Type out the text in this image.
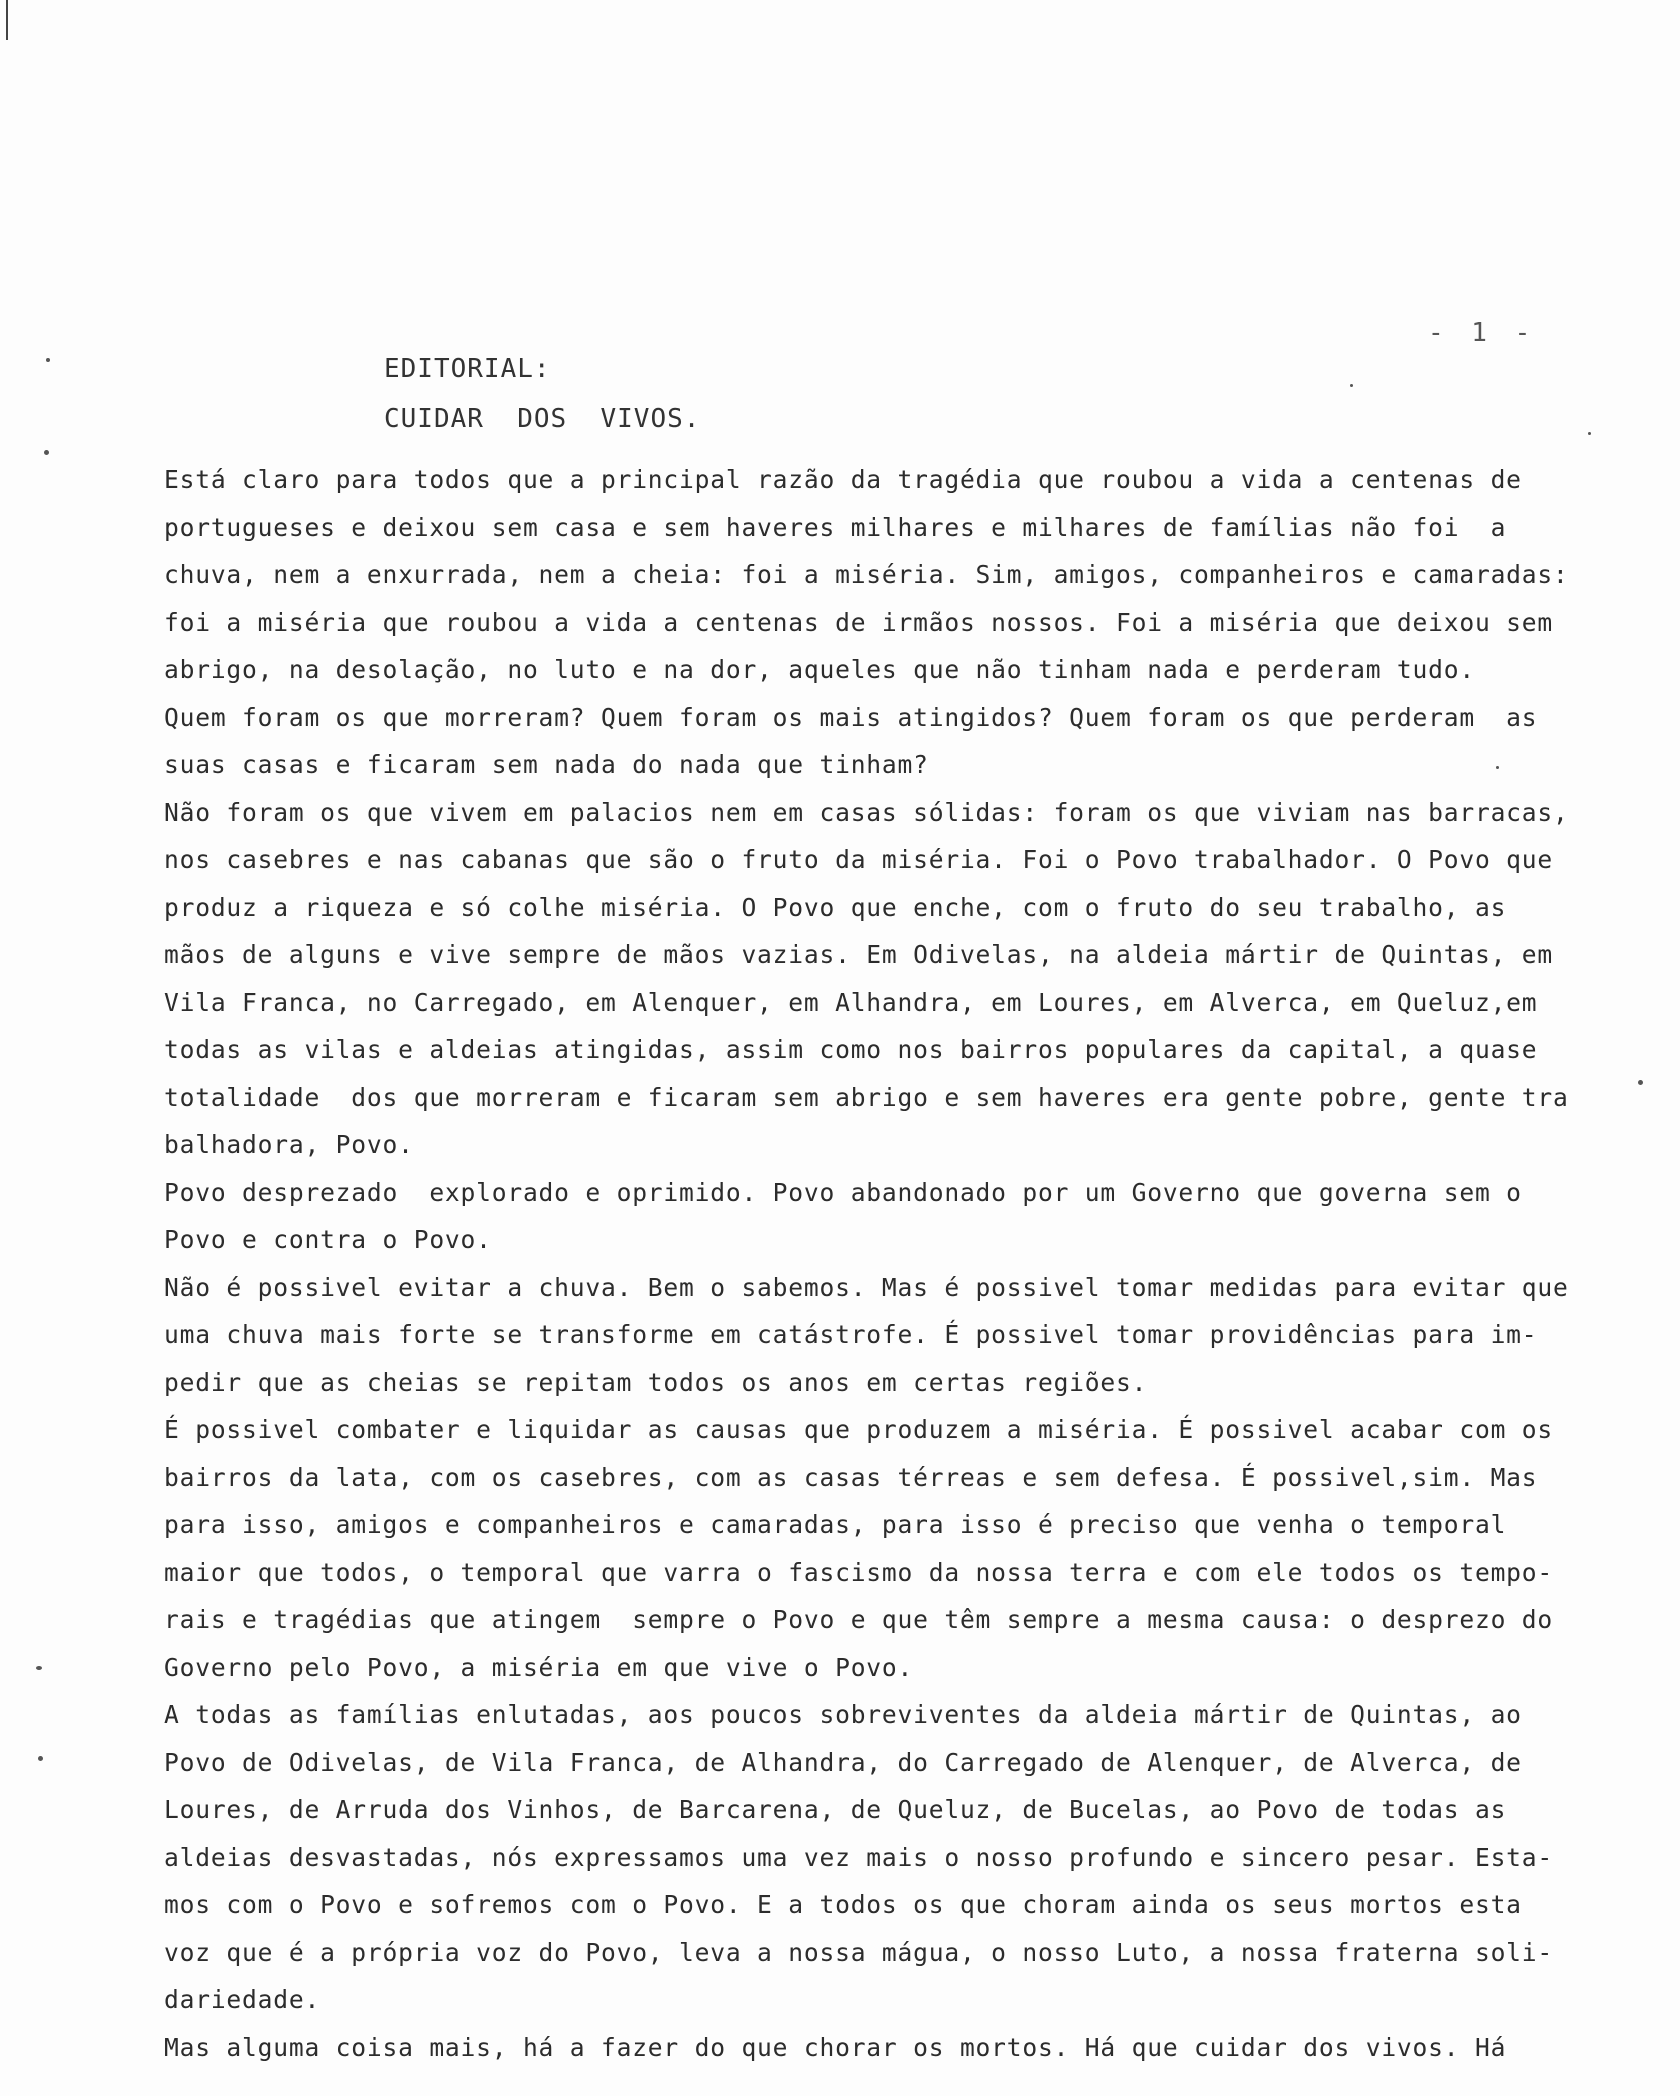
- 1 -
EDITORIAL:
CUIDAR  DOS  VIVOS.
Está claro para todos que a principal razão da tragédia que roubou a vida a centenas de
portugueses e deixou sem casa e sem haveres milhares e milhares de famílias não foi  a
chuva, nem a enxurrada, nem a cheia: foi a miséria. Sim, amigos, companheiros e camaradas:
foi a miséria que roubou a vida a centenas de irmãos nossos. Foi a miséria que deixou sem
abrigo, na desolação, no luto e na dor, aqueles que não tinham nada e perderam tudo.
Quem foram os que morreram? Quem foram os mais atingidos? Quem foram os que perderam  as
suas casas e ficaram sem nada do nada que tinham?
Não foram os que vivem em palacios nem em casas sólidas: foram os que viviam nas barracas,
nos casebres e nas cabanas que são o fruto da miséria. Foi o Povo trabalhador. O Povo que
produz a riqueza e só colhe miséria. O Povo que enche, com o fruto do seu trabalho, as
mãos de alguns e vive sempre de mãos vazias. Em Odivelas, na aldeia mártir de Quintas, em
Vila Franca, no Carregado, em Alenquer, em Alhandra, em Loures, em Alverca, em Queluz,em
todas as vilas e aldeias atingidas, assim como nos bairros populares da capital, a quase
totalidade  dos que morreram e ficaram sem abrigo e sem haveres era gente pobre, gente tra
balhadora, Povo.
Povo desprezado  explorado e oprimido. Povo abandonado por um Governo que governa sem o
Povo e contra o Povo.
Não é possivel evitar a chuva. Bem o sabemos. Mas é possivel tomar medidas para evitar que
uma chuva mais forte se transforme em catástrofe. É possivel tomar providências para im-
pedir que as cheias se repitam todos os anos em certas regiões.
É possivel combater e liquidar as causas que produzem a miséria. É possivel acabar com os
bairros da lata, com os casebres, com as casas térreas e sem defesa. É possivel,sim. Mas
para isso, amigos e companheiros e camaradas, para isso é preciso que venha o temporal
maior que todos, o temporal que varra o fascismo da nossa terra e com ele todos os tempo-
rais e tragédias que atingem  sempre o Povo e que têm sempre a mesma causa: o desprezo do
Governo pelo Povo, a miséria em que vive o Povo.
A todas as famílias enlutadas, aos poucos sobreviventes da aldeia mártir de Quintas, ao
Povo de Odivelas, de Vila Franca, de Alhandra, do Carregado de Alenquer, de Alverca, de
Loures, de Arruda dos Vinhos, de Barcarena, de Queluz, de Bucelas, ao Povo de todas as
aldeias desvastadas, nós expressamos uma vez mais o nosso profundo e sincero pesar. Esta-
mos com o Povo e sofremos com o Povo. E a todos os que choram ainda os seus mortos esta
voz que é a própria voz do Povo, leva a nossa mágua, o nosso Luto, a nossa fraterna soli-
dariedade.
Mas alguma coisa mais, há a fazer do que chorar os mortos. Há que cuidar dos vivos. Há
